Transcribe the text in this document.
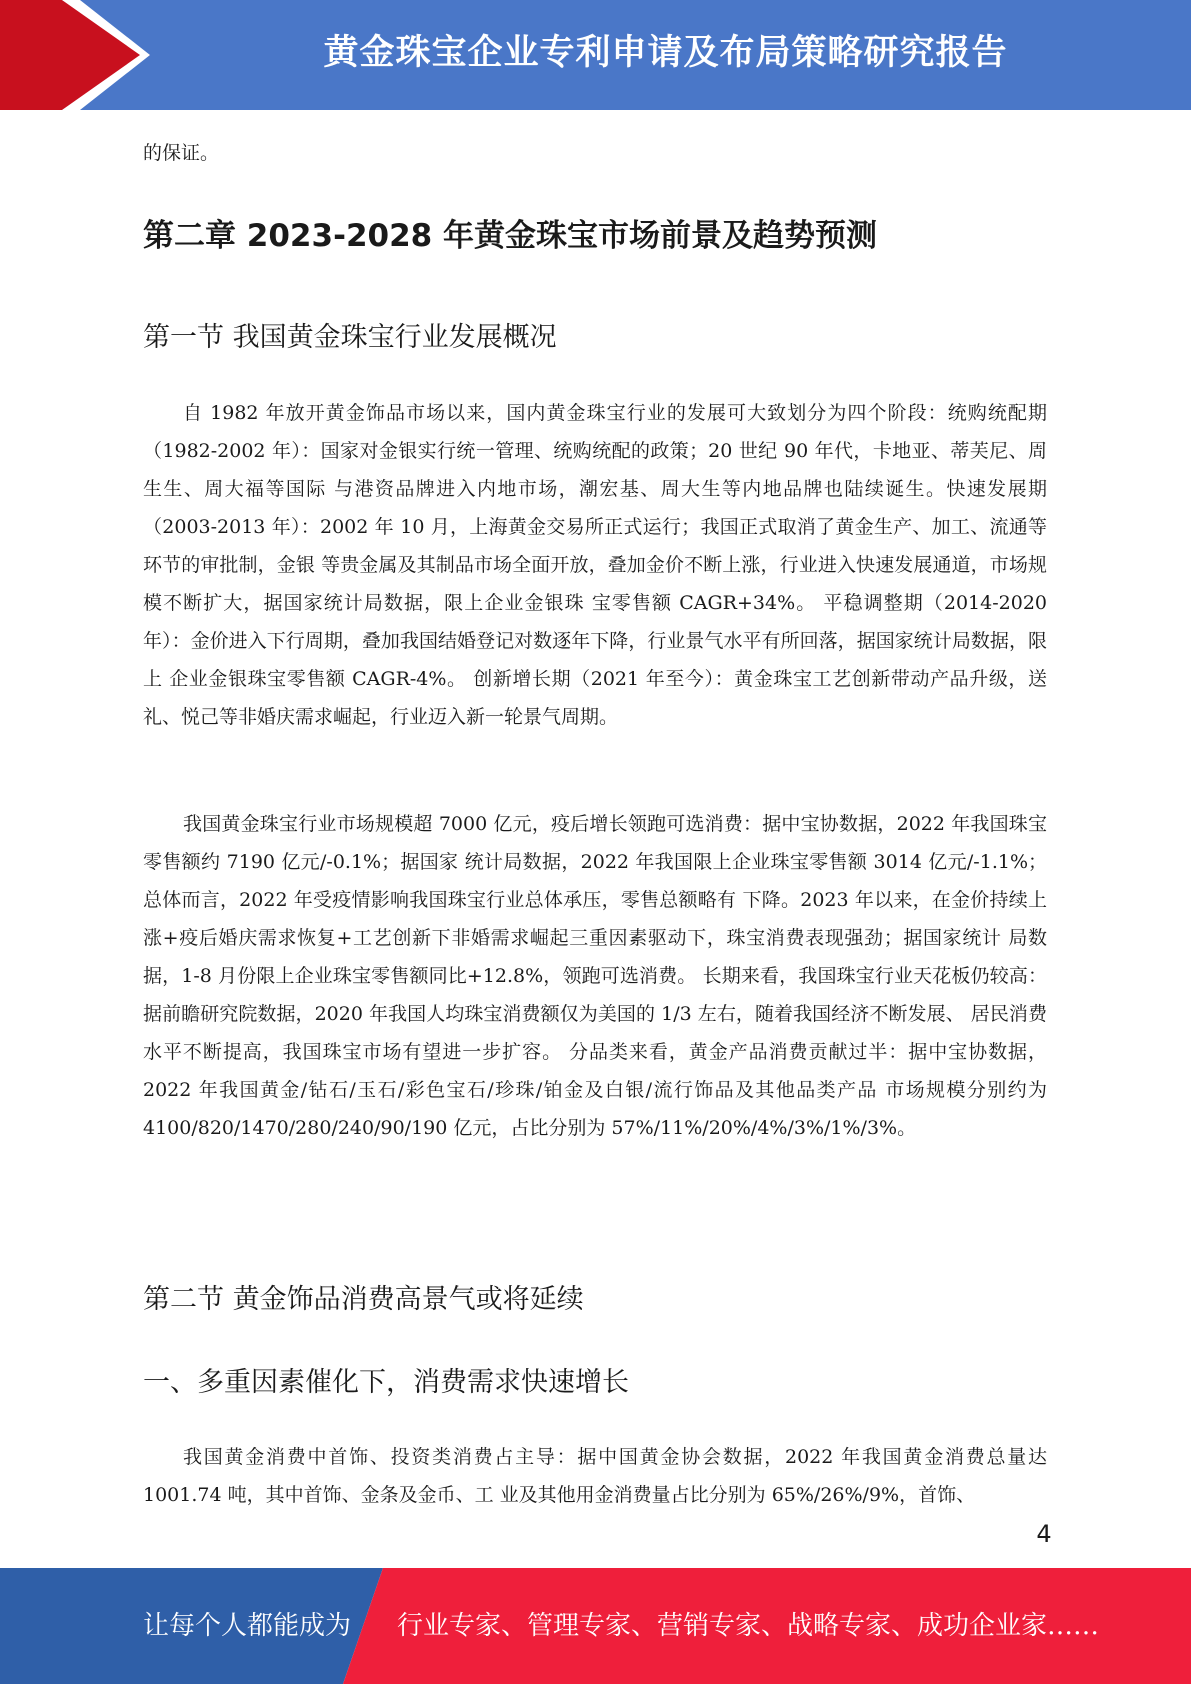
黄金珠宝企业专利申请及布局策略研究报告
的保证。
第二章 2023-2028 年黄金珠宝市场前景及趋势预测
第一节 我国黄金珠宝行业发展概况

自 1982 年放开黄金饰品市场以来，国内黄金珠宝行业的发展可大致划分为四个阶段：统购统配期（1982-2002 年）：国家对金银实行统一管理、统购统配的政策；20 世纪 90 年代，卡地亚、蒂芙尼、周生生、周大福等国际 与港资品牌进入内地市场，潮宏基、周大生等内地品牌也陆续诞生。快速发展期（2003-2013 年）：2002 年 10 月，上海黄金交易所正式运行；我国正式取消了黄金生产、加工、流通等环节的审批制，金银 等贵金属及其制品市场全面开放，叠加金价不断上涨，行业进入快速发展通道，市场规模不断扩大，据国家统计局数据，限上企业金银珠 宝零售额 CAGR+34%。 平稳调整期（2014-2020 年）：金价进入下行周期，叠加我国结婚登记对数逐年下降，行业景气水平有所回落，据国家统计局数据，限上 企业金银珠宝零售额 CAGR-4%。 创新增长期（2021 年至今）：黄金珠宝工艺创新带动产品升级，送礼、悦己等非婚庆需求崛起，行业迈入新一轮景气周期。

我国黄金珠宝行业市场规模超 7000 亿元，疫后增长领跑可选消费：据中宝协数据，2022 年我国珠宝零售额约 7190 亿元/-0.1%；据国家 统计局数据，2022 年我国限上企业珠宝零售额 3014 亿元/-1.1%；总体而言，2022 年受疫情影响我国珠宝行业总体承压，零售总额略有 下降。2023 年以来，在金价持续上涨+疫后婚庆需求恢复+工艺创新下非婚需求崛起三重因素驱动下，珠宝消费表现强劲；据国家统计 局数据，1-8 月份限上企业珠宝零售额同比+12.8%，领跑可选消费。 长期来看，我国珠宝行业天花板仍较高：据前瞻研究院数据，2020 年我国人均珠宝消费额仅为美国的 1/3 左右，随着我国经济不断发展、 居民消费水平不断提高，我国珠宝市场有望进一步扩容。 分品类来看，黄金产品消费贡献过半：据中宝协数据，2022 年我国黄金/钻石/玉石/彩色宝石/珍珠/铂金及白银/流行饰品及其他品类产品 市场规模分别约为 4100/820/1470/280/240/90/190 亿元，占比分别为 57%/11%/20%/4%/3%/1%/3%。

第二节 黄金饰品消费高景气或将延续
一、多重因素催化下，消费需求快速增长

我国黄金消费中首饰、投资类消费占主导：据中国黄金协会数据，2022 年我国黄金消费总量达 1001.74 吨，其中首饰、金条及金币、工 业及其他用金消费量占比分别为 65%/26%/9%，首饰、

4
让每个人都能成为 行业专家、管理专家、营销专家、战略专家、成功企业家……
